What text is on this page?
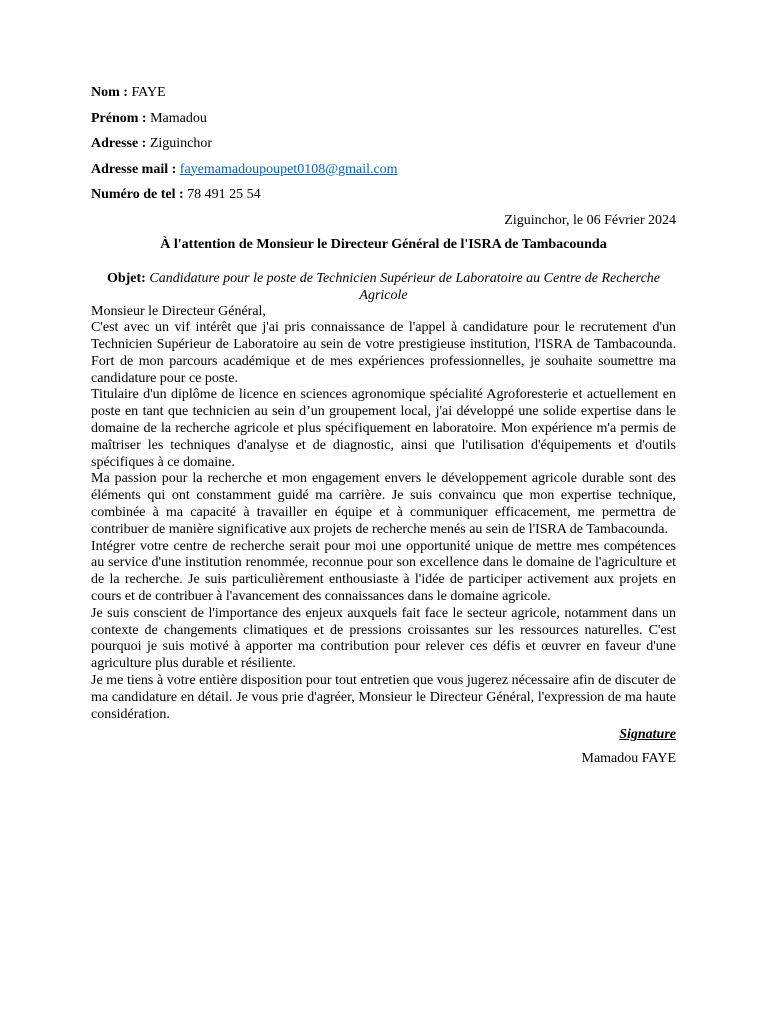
Nom : FAYE
Prénom : Mamadou
Adresse : Ziguinchor
Adresse mail : fayemamadoupoupet0108@gmail.com
Numéro de tel : 78 491 25 54
Ziguinchor, le 06 Février 2024
À l'attention de Monsieur le Directeur Général de l'ISRA de Tambacounda
Objet: Candidature pour le poste de Technicien Supérieur de Laboratoire au Centre de Recherche Agricole
Monsieur le Directeur Général,

C'est avec un vif intérêt que j'ai pris connaissance de l'appel à candidature pour le recrutement d'un Technicien Supérieur de Laboratoire au sein de votre prestigieuse institution, l'ISRA de Tambacounda. Fort de mon parcours académique et de mes expériences professionnelles, je souhaite soumettre ma candidature pour ce poste.

Titulaire d'un diplôme de licence en sciences agronomique spécialité Agroforesterie et actuellement en poste en tant que technicien au sein d’un groupement local, j'ai développé une solide expertise dans le domaine de la recherche agricole et plus spécifiquement en laboratoire. Mon expérience m'a permis de maîtriser les techniques d'analyse et de diagnostic, ainsi que l'utilisation d'équipements et d'outils spécifiques à ce domaine.

Ma passion pour la recherche et mon engagement envers le développement agricole durable sont des éléments qui ont constamment guidé ma carrière. Je suis convaincu que mon expertise technique, combinée à ma capacité à travailler en équipe et à communiquer efficacement, me permettra de contribuer de manière significative aux projets de recherche menés au sein de l'ISRA de Tambacounda.

Intégrer votre centre de recherche serait pour moi une opportunité unique de mettre mes compétences au service d'une institution renommée, reconnue pour son excellence dans le domaine de l'agriculture et de la recherche. Je suis particulièrement enthousiaste à l'idée de participer activement aux projets en cours et de contribuer à l'avancement des connaissances dans le domaine agricole.

Je suis conscient de l'importance des enjeux auxquels fait face le secteur agricole, notamment dans un contexte de changements climatiques et de pressions croissantes sur les ressources naturelles. C'est pourquoi je suis motivé à apporter ma contribution pour relever ces défis et œuvrer en faveur d'une agriculture plus durable et résiliente.

Je me tiens à votre entière disposition pour tout entretien que vous jugerez nécessaire afin de discuter de ma candidature en détail. Je vous prie d'agréer, Monsieur le Directeur Général, l'expression de ma haute considération.

Signature
Mamadou FAYE
